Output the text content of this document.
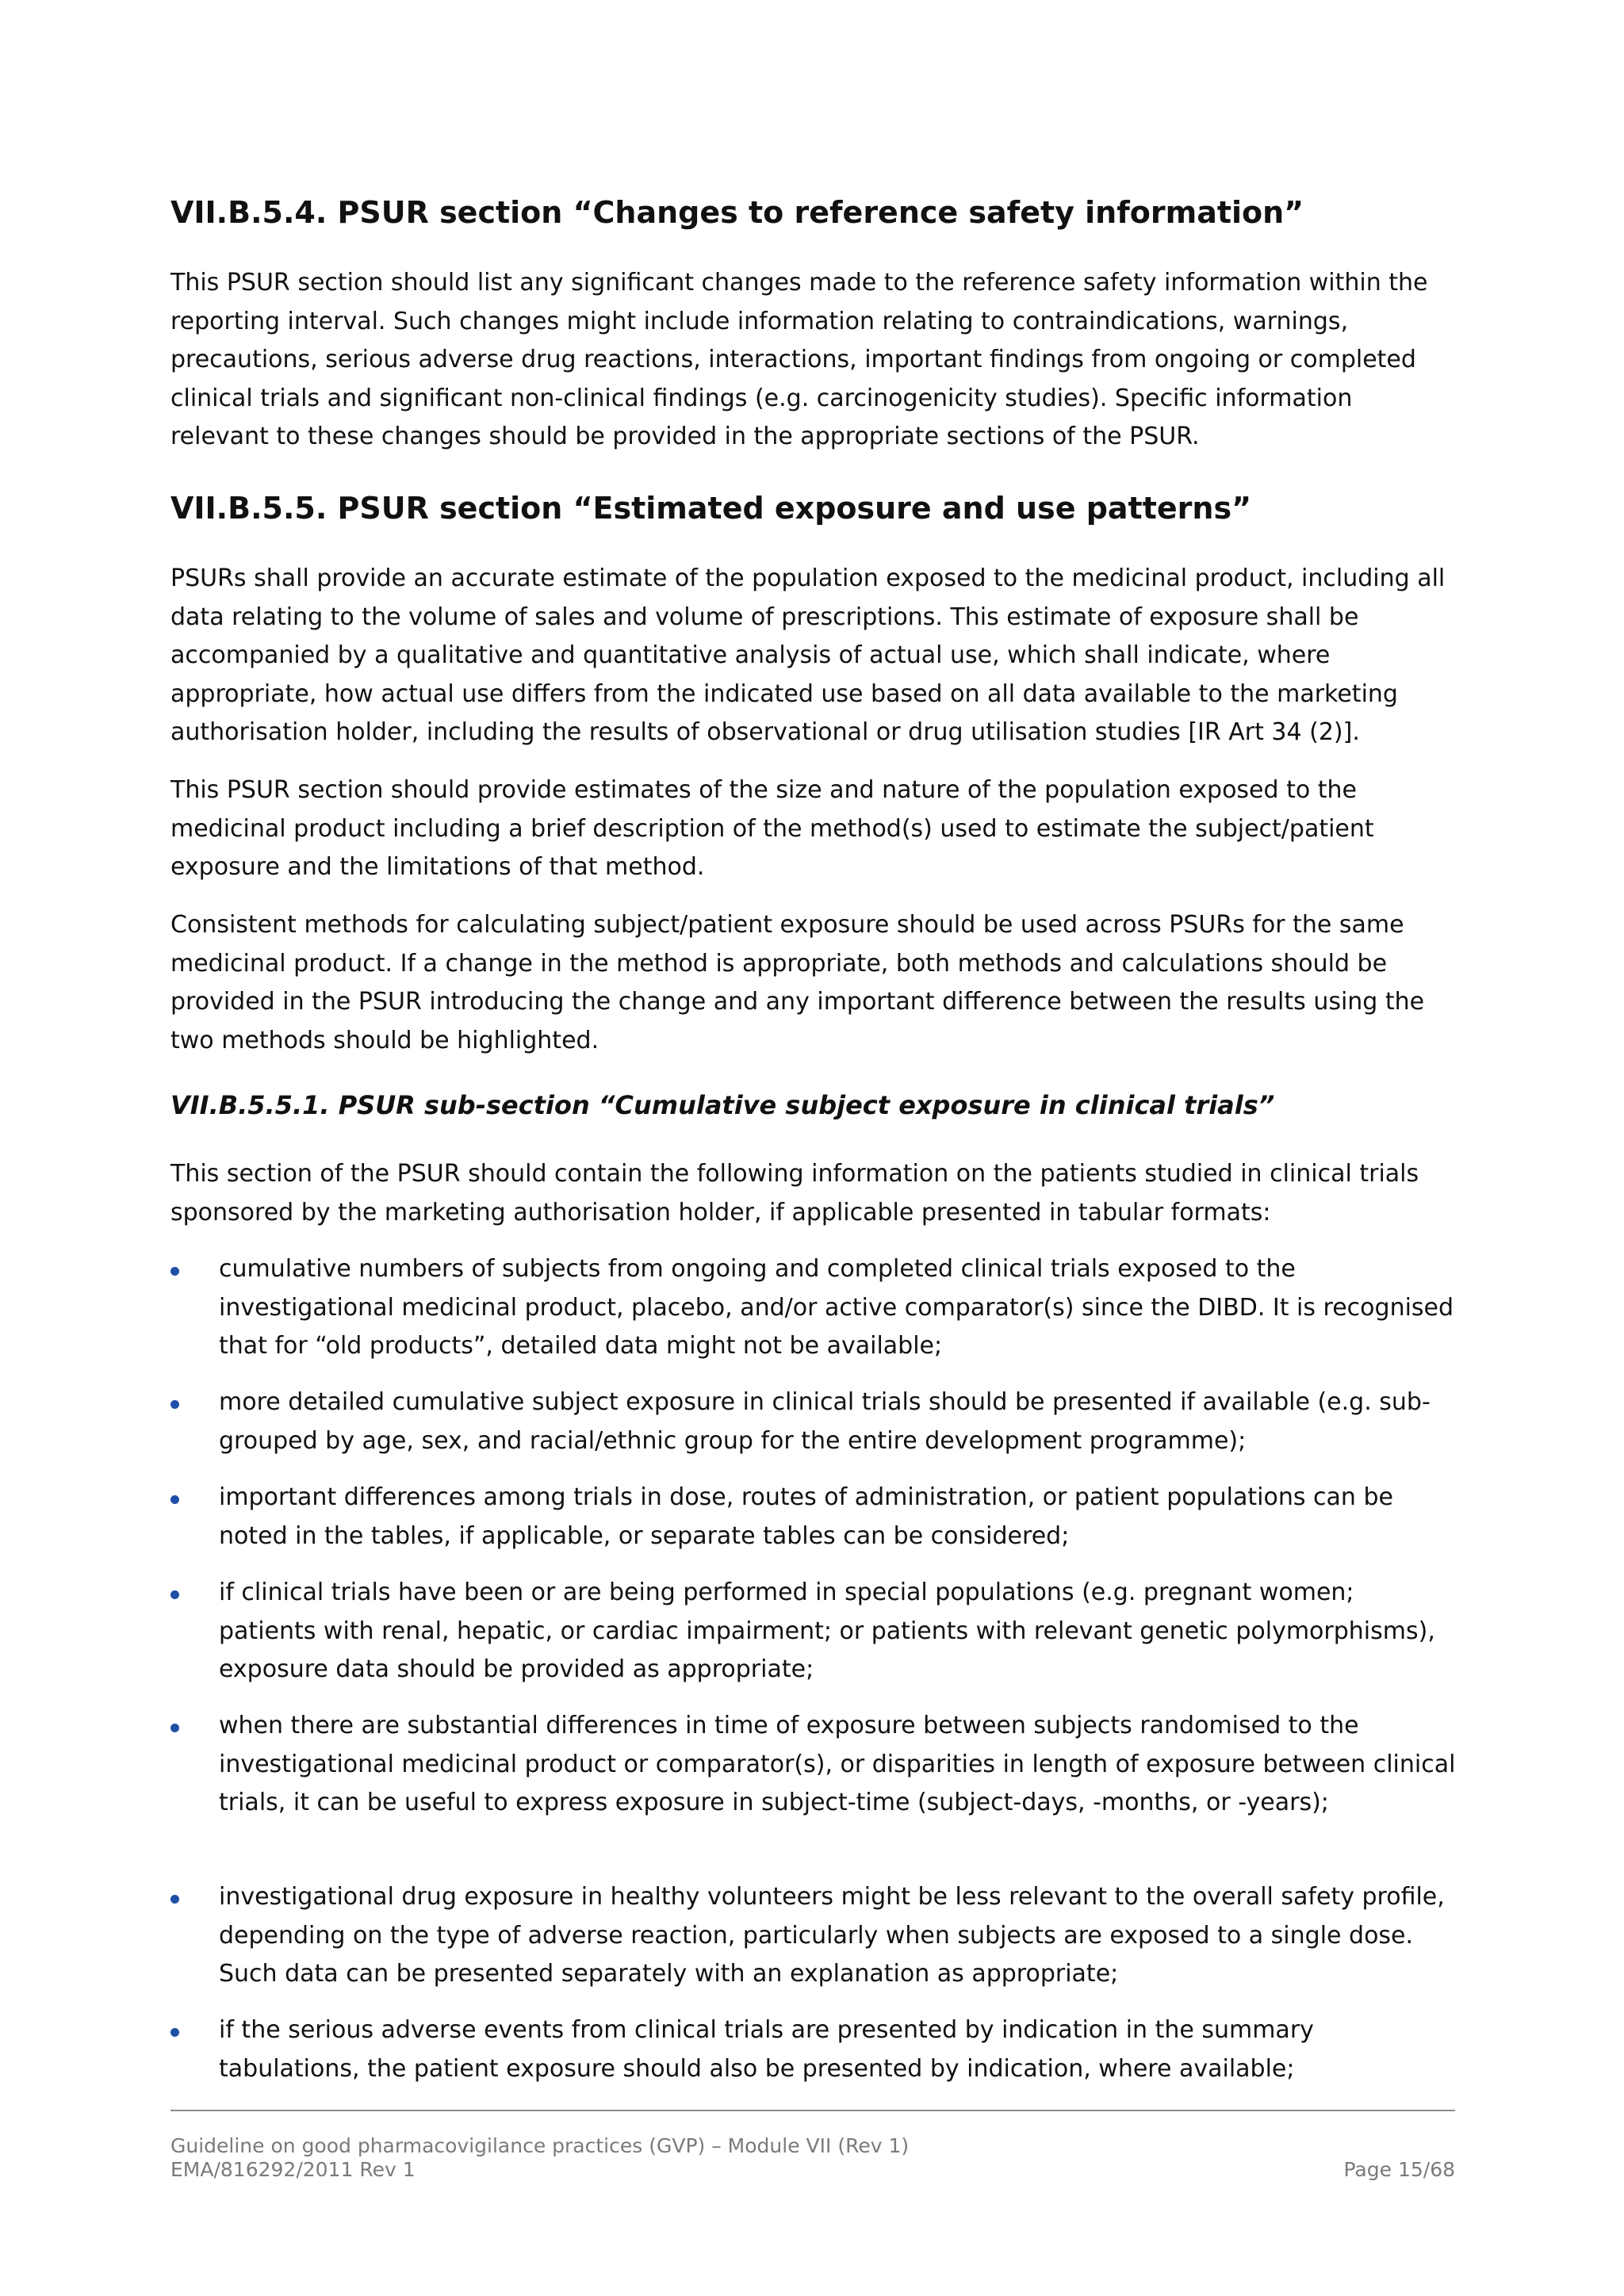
VII.B.5.4. PSUR section “Changes to reference safety information”

This PSUR section should list any significant changes made to the reference safety information within the reporting interval. Such changes might include information relating to contraindications, warnings, precautions, serious adverse drug reactions, interactions, important findings from ongoing or completed clinical trials and significant non-clinical findings (e.g. carcinogenicity studies). Specific information relevant to these changes should be provided in the appropriate sections of the PSUR.

VII.B.5.5. PSUR section “Estimated exposure and use patterns”

PSURs shall provide an accurate estimate of the population exposed to the medicinal product, including all data relating to the volume of sales and volume of prescriptions. This estimate of exposure shall be accompanied by a qualitative and quantitative analysis of actual use, which shall indicate, where appropriate, how actual use differs from the indicated use based on all data available to the marketing authorisation holder, including the results of observational or drug utilisation studies [IR Art 34 (2)].

This PSUR section should provide estimates of the size and nature of the population exposed to the medicinal product including a brief description of the method(s) used to estimate the subject/patient exposure and the limitations of that method.

Consistent methods for calculating subject/patient exposure should be used across PSURs for the same medicinal product. If a change in the method is appropriate, both methods and calculations should be provided in the PSUR introducing the change and any important difference between the results using the two methods should be highlighted.

VII.B.5.5.1. PSUR sub-section “Cumulative subject exposure in clinical trials”

This section of the PSUR should contain the following information on the patients studied in clinical trials sponsored by the marketing authorisation holder, if applicable presented in tabular formats:

cumulative numbers of subjects from ongoing and completed clinical trials exposed to the investigational medicinal product, placebo, and/or active comparator(s) since the DIBD. It is recognised that for “old products”, detailed data might not be available;

more detailed cumulative subject exposure in clinical trials should be presented if available (e.g. sub-grouped by age, sex, and racial/ethnic group for the entire development programme);

important differences among trials in dose, routes of administration, or patient populations can be noted in the tables, if applicable, or separate tables can be considered;

if clinical trials have been or are being performed in special populations (e.g. pregnant women; patients with renal, hepatic, or cardiac impairment; or patients with relevant genetic polymorphisms), exposure data should be provided as appropriate;

when there are substantial differences in time of exposure between subjects randomised to the investigational medicinal product or comparator(s), or disparities in length of exposure between clinical trials, it can be useful to express exposure in subject-time (subject-days, -months, or -years);

investigational drug exposure in healthy volunteers might be less relevant to the overall safety profile, depending on the type of adverse reaction, particularly when subjects are exposed to a single dose. Such data can be presented separately with an explanation as appropriate;

if the serious adverse events from clinical trials are presented by indication in the summary tabulations, the patient exposure should also be presented by indication, where available;

Guideline on good pharmacovigilance practices (GVP) – Module VII (Rev 1)
EMA/816292/2011 Rev 1	Page 15/68
